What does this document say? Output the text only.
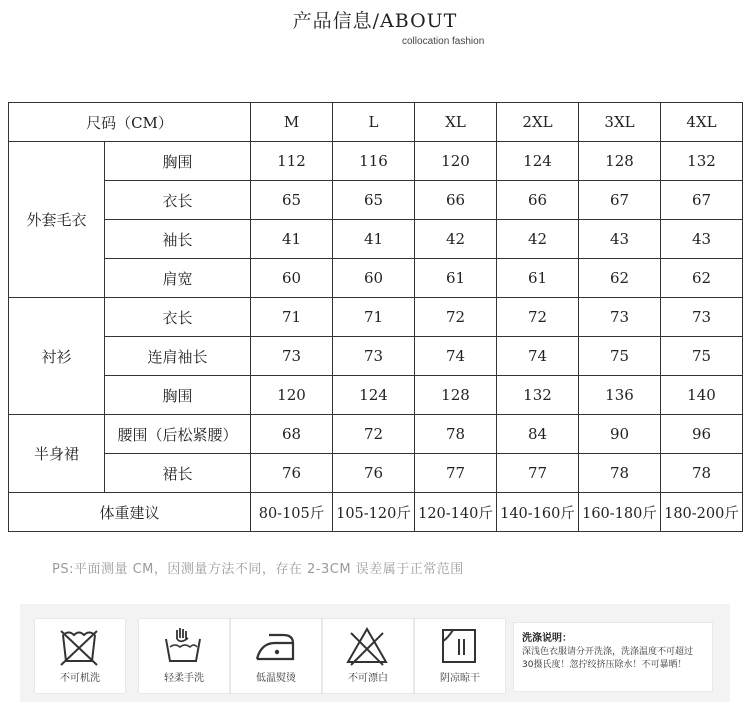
产品信息/ABOUT
collocation fashion
尺码（CM）		M	L	XL	2XL	3XL	4XL
外套毛衣	胸围	112	116	120	124	128	132
	衣长	65	65	66	66	67	67
	袖长	41	41	42	42	43	43
	肩宽	60	60	61	61	62	62
衬衫	衣长	71	71	72	72	73	73
	连肩袖长	73	73	74	74	75	75
	胸围	120	124	128	132	136	140
半身裙	腰围（后松紧腰）	68	72	78	84	90	96
	裙长	76	76	77	77	78	78
体重建议		80-105斤	105-120斤	120-140斤	140-160斤	160-180斤	180-200斤
PS:平面测量 CM，因测量方法不同，存在 2-3CM 误差属于正常范围
不可机洗	轻柔手洗	低温熨烫	不可漂白	阴凉晾干
洗涤说明：
深浅色衣服请分开洗涤，洗涤温度不可超过30摄氏度！忽拧绞挤压除水！不可暴晒！
